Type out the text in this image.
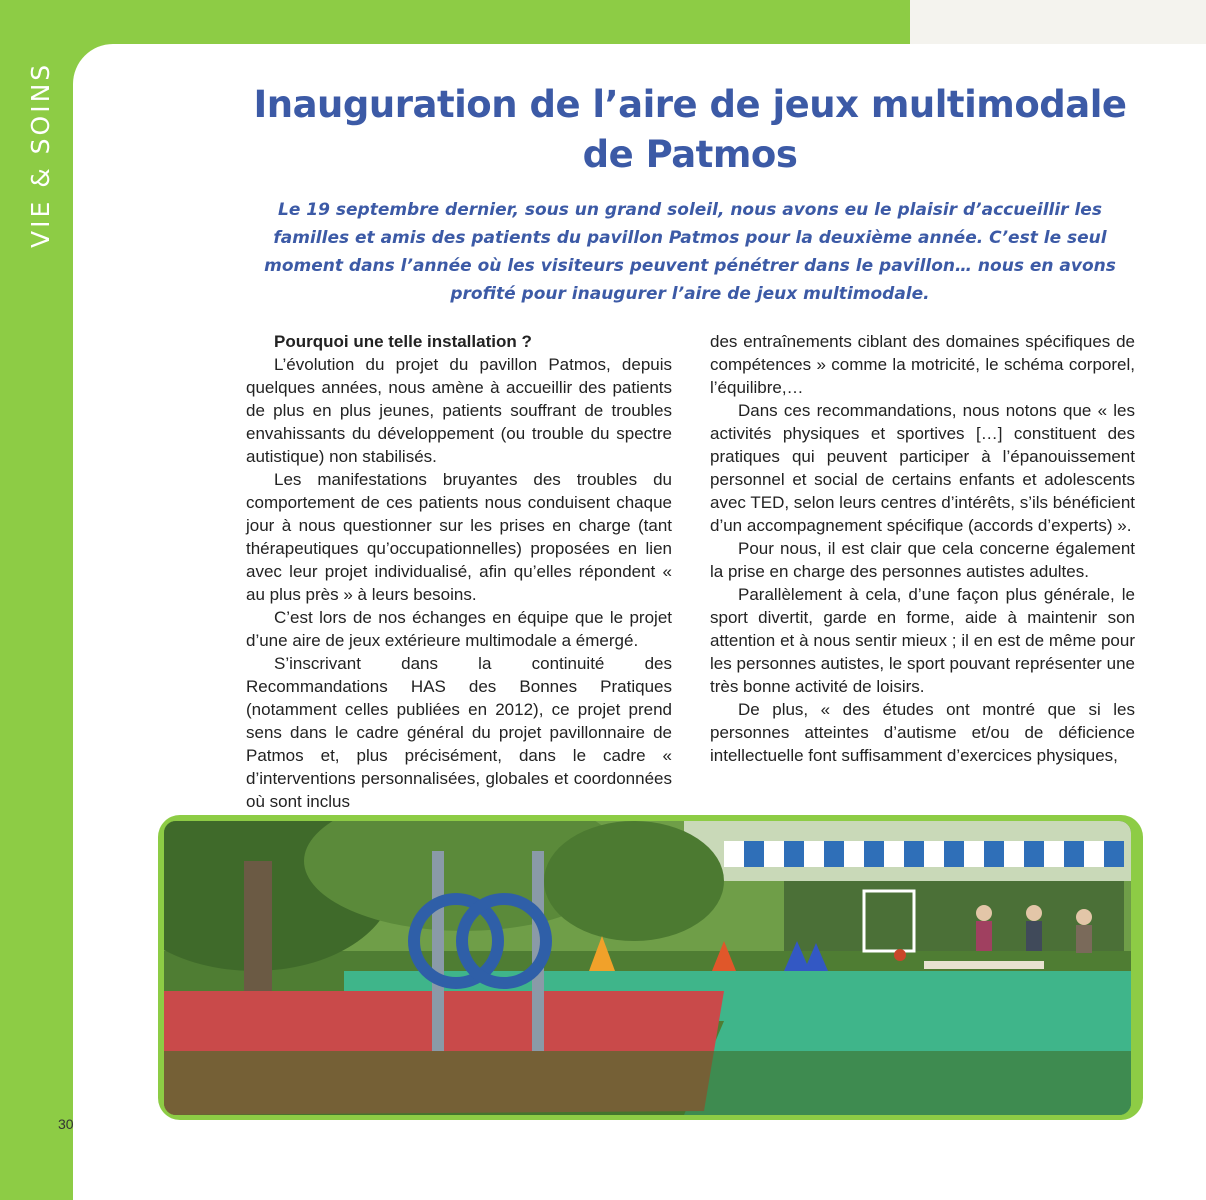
VIE & SOINS	Inauguration de l’aire de jeux multimodale de Patmos

Le 19 septembre dernier, sous un grand soleil, nous avons eu le plaisir d’accueillir les familles et amis des patients du pavillon Patmos pour la deuxième année. C’est le seul moment dans l’année où les visiteurs peuvent pénétrer dans le pavillon… nous en avons profité pour inaugurer l’aire de jeux multimodale.

Pourquoi une telle installation ?

L’évolution du projet du pavillon Patmos, depuis quelques années, nous amène à accueillir des patients de plus en plus jeunes, patients souffrant de troubles envahissants du développement (ou trouble du spectre autistique) non stabilisés.

Les manifestations bruyantes des troubles du comportement de ces patients nous conduisent chaque jour à nous questionner sur les prises en charge (tant thérapeutiques qu’occupationnelles) proposées en lien avec leur projet individualisé, afin qu’elles répondent « au plus près » à leurs besoins.

C’est lors de nos échanges en équipe que le projet d’une aire de jeux extérieure multimodale a émergé.

S’inscrivant dans la continuité des Recommandations HAS des Bonnes Pratiques (notamment celles publiées en 2012), ce projet prend sens dans le cadre général du projet pavillonnaire de Patmos et, plus précisément, dans le cadre « d’interventions personnalisées, globales et coordonnées où sont inclus

des entraînements ciblant des domaines spécifiques de compétences » comme la motricité, le schéma corporel, l’équilibre,…

Dans ces recommandations, nous notons que « les activités physiques et sportives […] constituent des pratiques qui peuvent participer à l’épanouissement personnel et social de certains enfants et adolescents avec TED, selon leurs centres d’intérêts, s’ils bénéficient d’un accompagnement spécifique (accords d’experts) ».

Pour nous, il est clair que cela concerne également la prise en charge des personnes autistes adultes.

Parallèlement à cela, d’une façon plus générale, le sport divertit, garde en forme, aide à maintenir son attention et à nous sentir mieux ; il en est de même pour les personnes autistes, le sport pouvant représenter une très bonne activité de loisirs.

De plus, « des études ont montré que si les personnes atteintes d’autisme et/ou de déficience intellectuelle font suffisamment d’exercices physiques,

30
